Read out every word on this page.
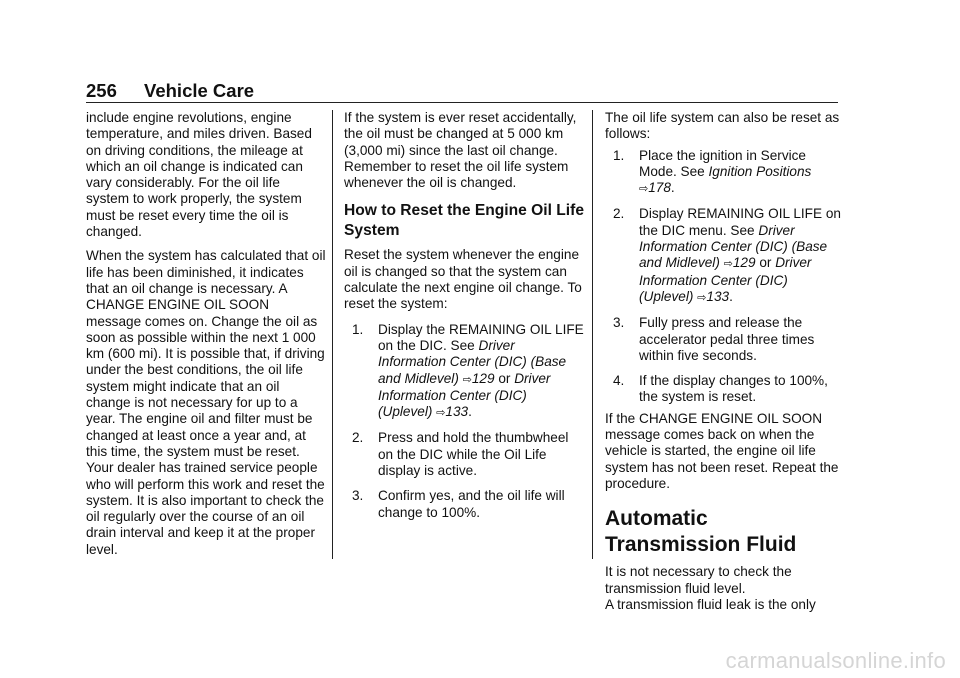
256 Vehicle Care

include engine revolutions, engine temperature, and miles driven. Based on driving conditions, the mileage at which an oil change is indicated can vary considerably. For the oil life system to work properly, the system must be reset every time the oil is changed.

When the system has calculated that oil life has been diminished, it indicates that an oil change is necessary. A CHANGE ENGINE OIL SOON message comes on. Change the oil as soon as possible within the next 1 000 km (600 mi). It is possible that, if driving under the best conditions, the oil life system might indicate that an oil change is not necessary for up to a year. The engine oil and filter must be changed at least once a year and, at this time, the system must be reset. Your dealer has trained service people who will perform this work and reset the system. It is also important to check the oil regularly over the course of an oil drain interval and keep it at the proper level.

If the system is ever reset accidentally, the oil must be changed at 5 000 km (3,000 mi) since the last oil change. Remember to reset the oil life system whenever the oil is changed.

How to Reset the Engine Oil Life System

Reset the system whenever the engine oil is changed so that the system can calculate the next engine oil change. To reset the system:

1.	Display the REMAINING OIL LIFE on the DIC. See Driver Information Center (DIC) (Base and Midlevel) ⇨129 or Driver Information Center (DIC) (Uplevel) ⇨133.
2.	Press and hold the thumbwheel on the DIC while the Oil Life display is active.
3.	Confirm yes, and the oil life will change to 100%.

The oil life system can also be reset as follows:

1.	Place the ignition in Service Mode. See Ignition Positions
⇨178.
2.	Display REMAINING OIL LIFE on the DIC menu. See Driver Information Center (DIC) (Base and Midlevel) ⇨129 or Driver Information Center (DIC) (Uplevel) ⇨133.
3.	Fully press and release the accelerator pedal three times within five seconds.
4.	If the display changes to 100%, the system is reset.

If the CHANGE ENGINE OIL SOON message comes back on when the vehicle is started, the engine oil life system has not been reset. Repeat the procedure.

Automatic Transmission Fluid

It is not necessary to check the transmission fluid level.

A transmission fluid leak is the only

carmanualsonline.info
